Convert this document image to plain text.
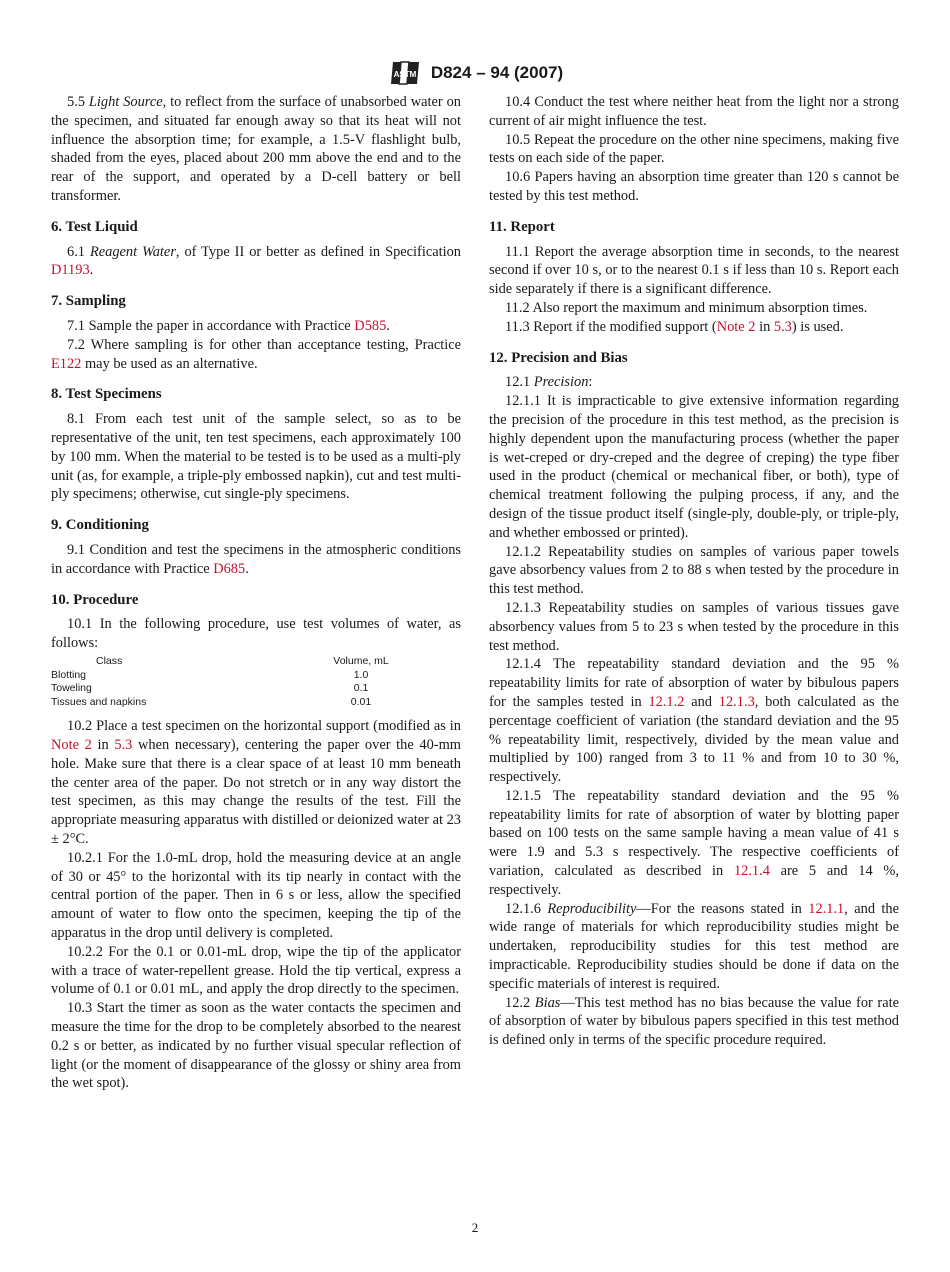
ASTM D824 – 94 (2007)

5.5 Light Source, to reflect from the surface of unabsorbed water on the specimen, and situated far enough away so that its heat will not influence the absorption time; for example, a 1.5-V flashlight bulb, shaded from the eyes, placed about 200 mm above the end and to the rear of the support, and operated by a D-cell battery or bell transformer.

6. Test Liquid

6.1 Reagent Water, of Type II or better as defined in Specification D1193.

7. Sampling

7.1 Sample the paper in accordance with Practice D585.

7.2 Where sampling is for other than acceptance testing, Practice E122 may be used as an alternative.

8. Test Specimens

8.1 From each test unit of the sample select, so as to be representative of the unit, ten test specimens, each approximately 100 by 100 mm. When the material to be tested is to be used as a multi-ply unit (as, for example, a triple-ply embossed napkin), cut and test multi-ply specimens; otherwise, cut single-ply specimens.

9. Conditioning

9.1 Condition and test the specimens in the atmospheric conditions in accordance with Practice D685.

10. Procedure

10.1 In the following procedure, use test volumes of water, as follows:

Class	Volume, mL
Blotting	1.0
Toweling	0.1
Tissues and napkins	0.01

10.2 Place a test specimen on the horizontal support (modified as in Note 2 in 5.3 when necessary), centering the paper over the 40-mm hole. Make sure that there is a clear space of at least 10 mm beneath the center area of the paper. Do not stretch or in any way distort the test specimen, as this may change the results of the test. Fill the appropriate measuring apparatus with distilled or deionized water at 23 ± 2°C.

10.2.1 For the 1.0-mL drop, hold the measuring device at an angle of 30 or 45° to the horizontal with its tip nearly in contact with the central portion of the paper. Then in 6 s or less, allow the specified amount of water to flow onto the specimen, keeping the tip of the apparatus in the drop until delivery is completed.

10.2.2 For the 0.1 or 0.01-mL drop, wipe the tip of the applicator with a trace of water-repellent grease. Hold the tip vertical, express a volume of 0.1 or 0.01 mL, and apply the drop directly to the specimen.

10.3 Start the timer as soon as the water contacts the specimen and measure the time for the drop to be completely absorbed to the nearest 0.2 s or better, as indicated by no further visual specular reflection of light (or the moment of disappearance of the glossy or shiny area from the wet spot).

10.4 Conduct the test where neither heat from the light nor a strong current of air might influence the test.

10.5 Repeat the procedure on the other nine specimens, making five tests on each side of the paper.

10.6 Papers having an absorption time greater than 120 s cannot be tested by this test method.

11. Report

11.1 Report the average absorption time in seconds, to the nearest second if over 10 s, or to the nearest 0.1 s if less than 10 s. Report each side separately if there is a significant difference.

11.2 Also report the maximum and minimum absorption times.

11.3 Report if the modified support (Note 2 in 5.3) is used.

12. Precision and Bias

12.1 Precision:

12.1.1 It is impracticable to give extensive information regarding the precision of the procedure in this test method, as the precision is highly dependent upon the manufacturing process (whether the paper is wet-creped or dry-creped and the degree of creping) the type fiber used in the product (chemical or mechanical fiber, or both), type of chemical treatment following the pulping process, if any, and the design of the tissue product itself (single-ply, double-ply, or triple-ply, and whether embossed or printed).

12.1.2 Repeatability studies on samples of various paper towels gave absorbency values from 2 to 88 s when tested by the procedure in this test method.

12.1.3 Repeatability studies on samples of various tissues gave absorbency values from 5 to 23 s when tested by the procedure in this test method.

12.1.4 The repeatability standard deviation and the 95 % repeatability limits for rate of absorption of water by bibulous papers for the samples tested in 12.1.2 and 12.1.3, both calculated as the percentage coefficient of variation (the standard deviation and the 95 % repeatability limit, respectively, divided by the mean value and multiplied by 100) ranged from 3 to 11 % and from 10 to 30 %, respectively.

12.1.5 The repeatability standard deviation and the 95 % repeatability limits for rate of absorption of water by blotting paper based on 100 tests on the same sample having a mean value of 41 s were 1.9 and 5.3 s respectively. The respective coefficients of variation, calculated as described in 12.1.4 are 5 and 14 %, respectively.

12.1.6 Reproducibility—For the reasons stated in 12.1.1, and the wide range of materials for which reproducibility studies might be undertaken, reproducibility studies for this test method are impracticable. Reproducibility studies should be done if data on the specific materials of interest is required.

12.2 Bias—This test method has no bias because the value for rate of absorption of water by bibulous papers specified in this test method is defined only in terms of the specific procedure required.

2
